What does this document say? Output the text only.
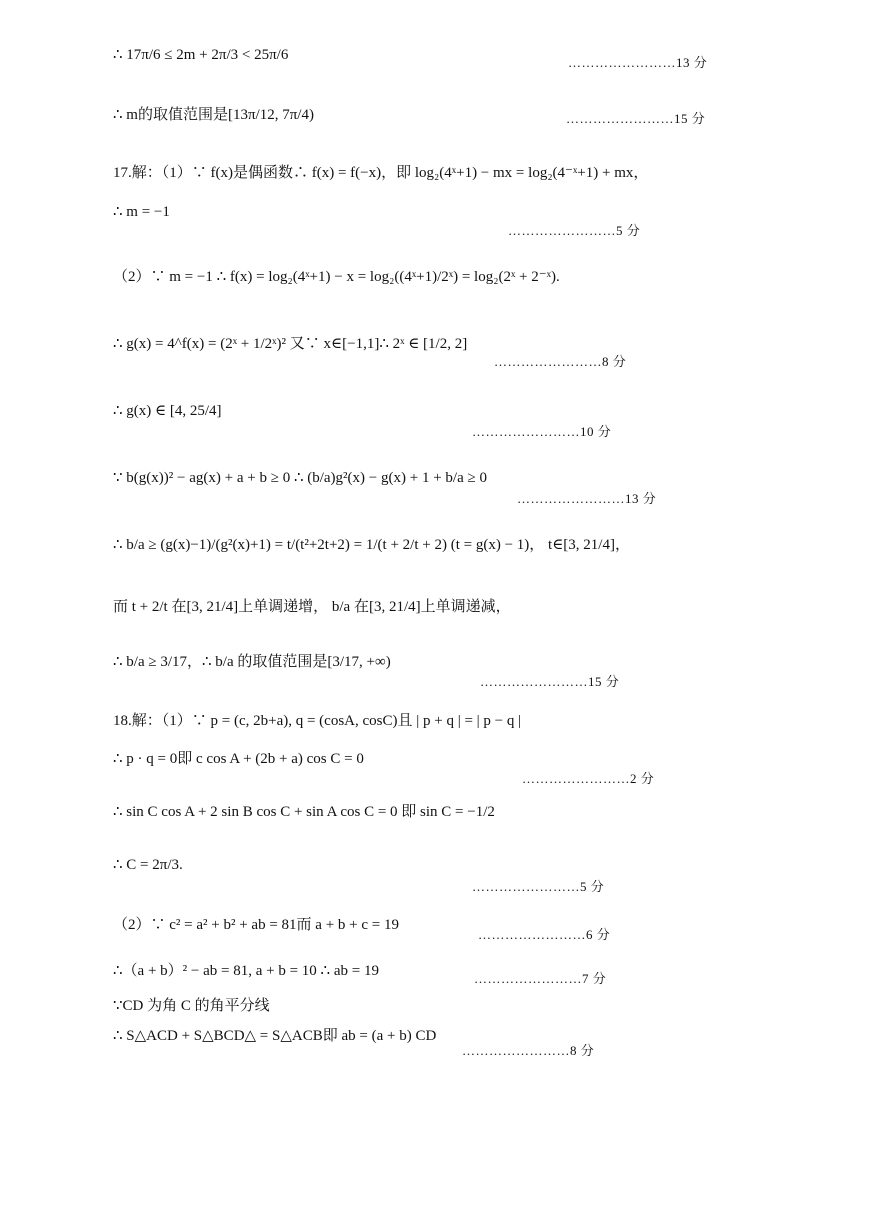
∴ 17π/6 ≤ 2m + 2π/3 < 25π/6	……………………13 分
∴ m的取值范围是[13π/12, 7π/4)	……………………15 分
17.解：（1）∵ f(x)是偶函数∴ f(x) = f(−x)，即 log₂(4ˣ+1) − mx = log₂(4⁻ˣ+1) + mx，
∴ m = −1
……………………5 分
（2）∵ m = −1 ∴ f(x) = log₂(4ˣ+1) − x = log₂((4ˣ+1)/2ˣ) = log₂(2ˣ + 2⁻ˣ).
∴ g(x) = 4^f(x) = (2ˣ + 1/2ˣ)² 又∵ x∈[−1,1]∴ 2ˣ ∈ [1/2, 2]
……………………8 分
∴ g(x) ∈ [4, 25/4]
……………………10 分
∵ b(g(x))² − ag(x) + a + b ≥ 0 ∴ (b/a)g²(x) − g(x) + 1 + b/a ≥ 0
……………………13 分
∴ b/a ≥ (g(x)−1)/(g²(x)+1) = t/(t²+2t+2) = 1/(t + 2/t + 2) (t = g(x) − 1)， t∈[3, 21/4]，
而 t + 2/t 在[3, 21/4]上单调递增， b/a 在[3, 21/4]上单调递减，
∴ b/a ≥ 3/17，∴ b/a 的取值范围是[3/17, +∞)
……………………15 分
18.解：（1）∵ p = (c, 2b+a), q = (cosA, cosC)且 | p + q | = | p − q |
∴ p · q = 0即 c cos A + (2b + a) cos C = 0
……………………2 分
∴ sin C cos A + 2 sin B cos C + sin A cos C = 0 即 sin C = −1/2
∴ C = 2π/3.
……………………5 分
（2）∵ c² = a² + b² + ab = 81而 a + b + c = 19
……………………6 分
∴（a + b）² − ab = 81, a + b = 10 ∴ ab = 19	……………………7 分
∵CD 为角 C 的角平分线
∴ S△ACD + S△BCD△ = S△ACB即 ab = (a + b) CD
……………………8 分
